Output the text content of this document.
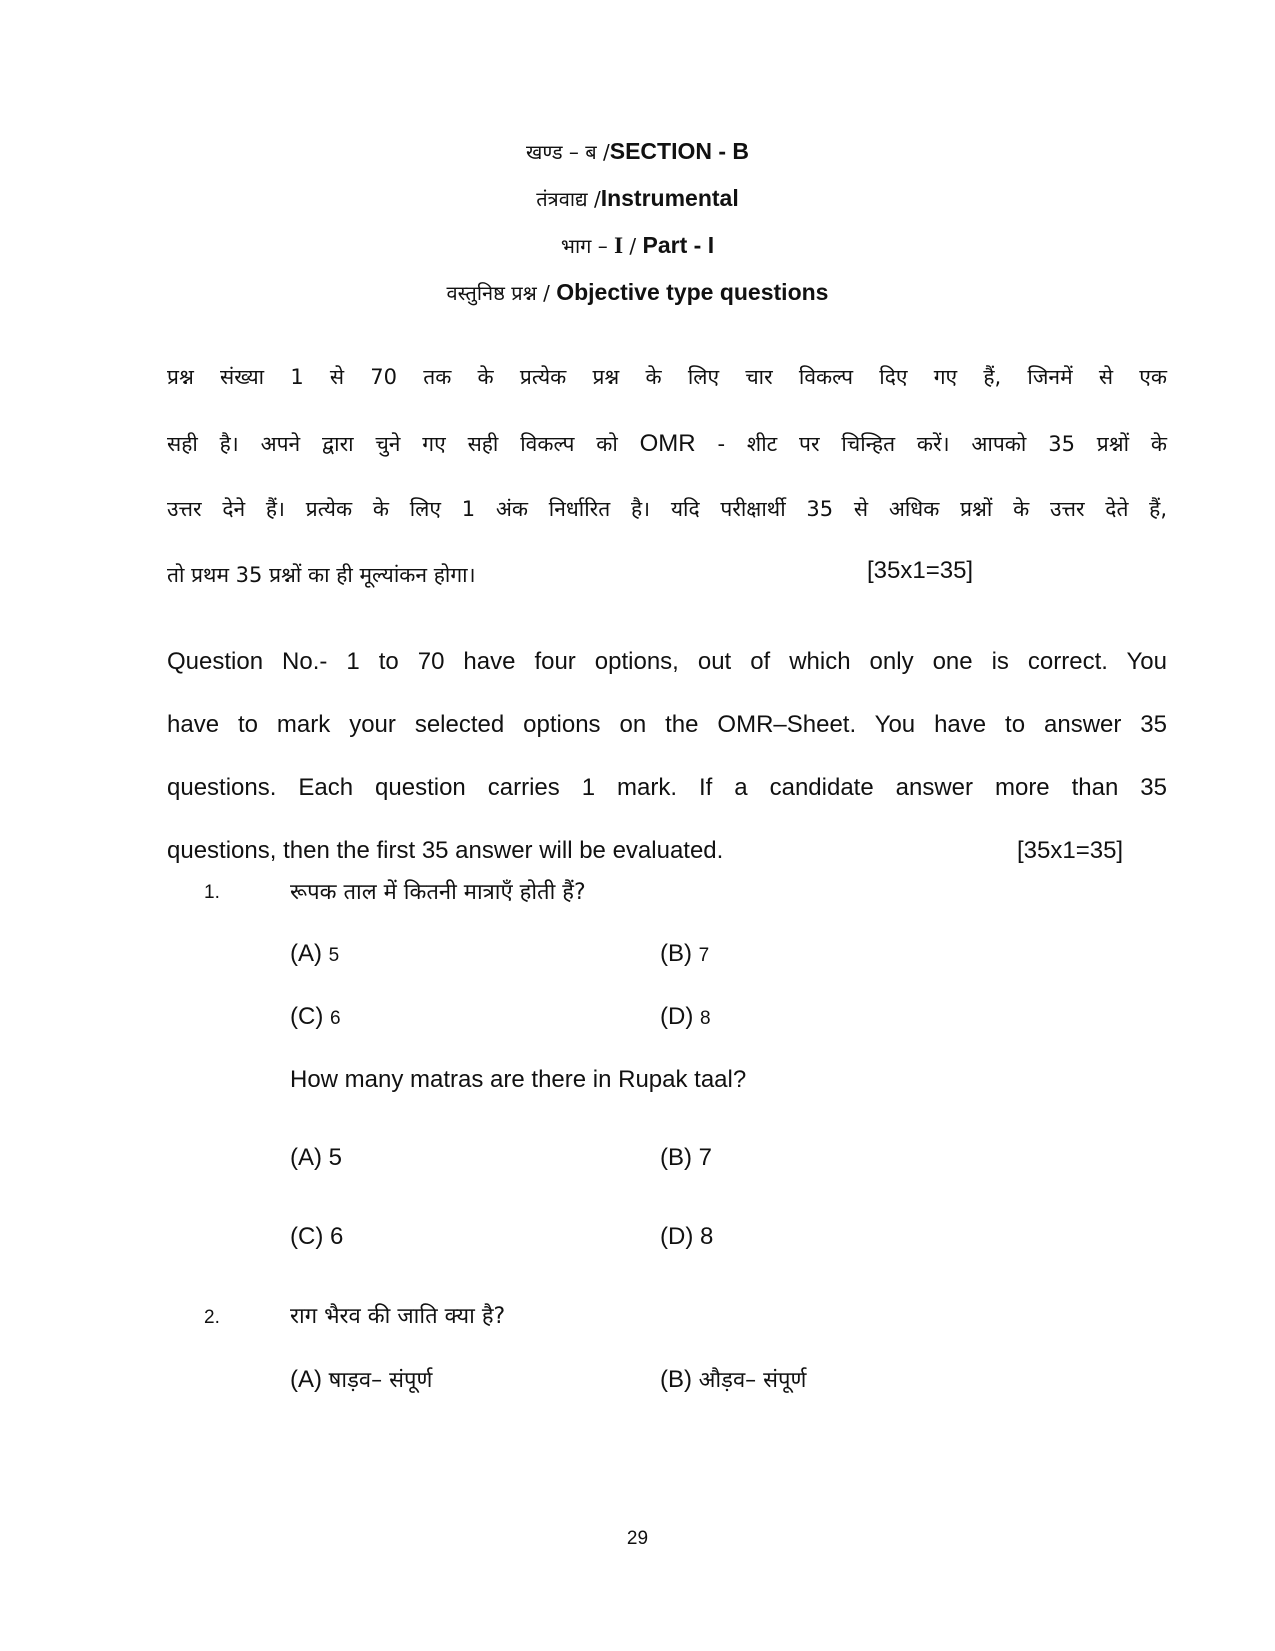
खण्ड – ब /SECTION - B
तंत्रवाद्य /Instrumental
भाग – I / Part - I
वस्तुनिष्ठ प्रश्न / Objective type questions
प्रश्न संख्या 1 से 70 तक के प्रत्येक प्रश्न के लिए चार विकल्प दिए गए हैं, जिनमें से एक
सही है। अपने द्वारा चुने गए सही विकल्प को OMR - शीट पर चिन्हित करें। आपको 35 प्रश्नों के
उत्तर देने हैं। प्रत्येक के लिए 1 अंक निर्धारित है। यदि परीक्षार्थी 35 से अधिक प्रश्नों के उत्तर देते हैं,
तो प्रथम 35 प्रश्नों का ही मूल्यांकन होगा।	[35x1=35]
Question No.- 1 to 70 have four options, out of which only one is correct. You
have to mark your selected options on the OMR–Sheet. You have to answer 35
questions. Each question carries 1 mark. If a candidate answer more than 35
questions, then the first 35 answer will be evaluated.	[35x1=35]
1.	रूपक ताल में कितनी मात्राएँ होती हैं?
(A) 5	(B) 7
(C) 6	(D) 8
How many matras are there in Rupak taal?
(A) 5	(B) 7
(C) 6	(D) 8
2.	राग भैरव की जाति क्या है?
(A) षाड़व– संपूर्ण	(B) औड़व– संपूर्ण
29
